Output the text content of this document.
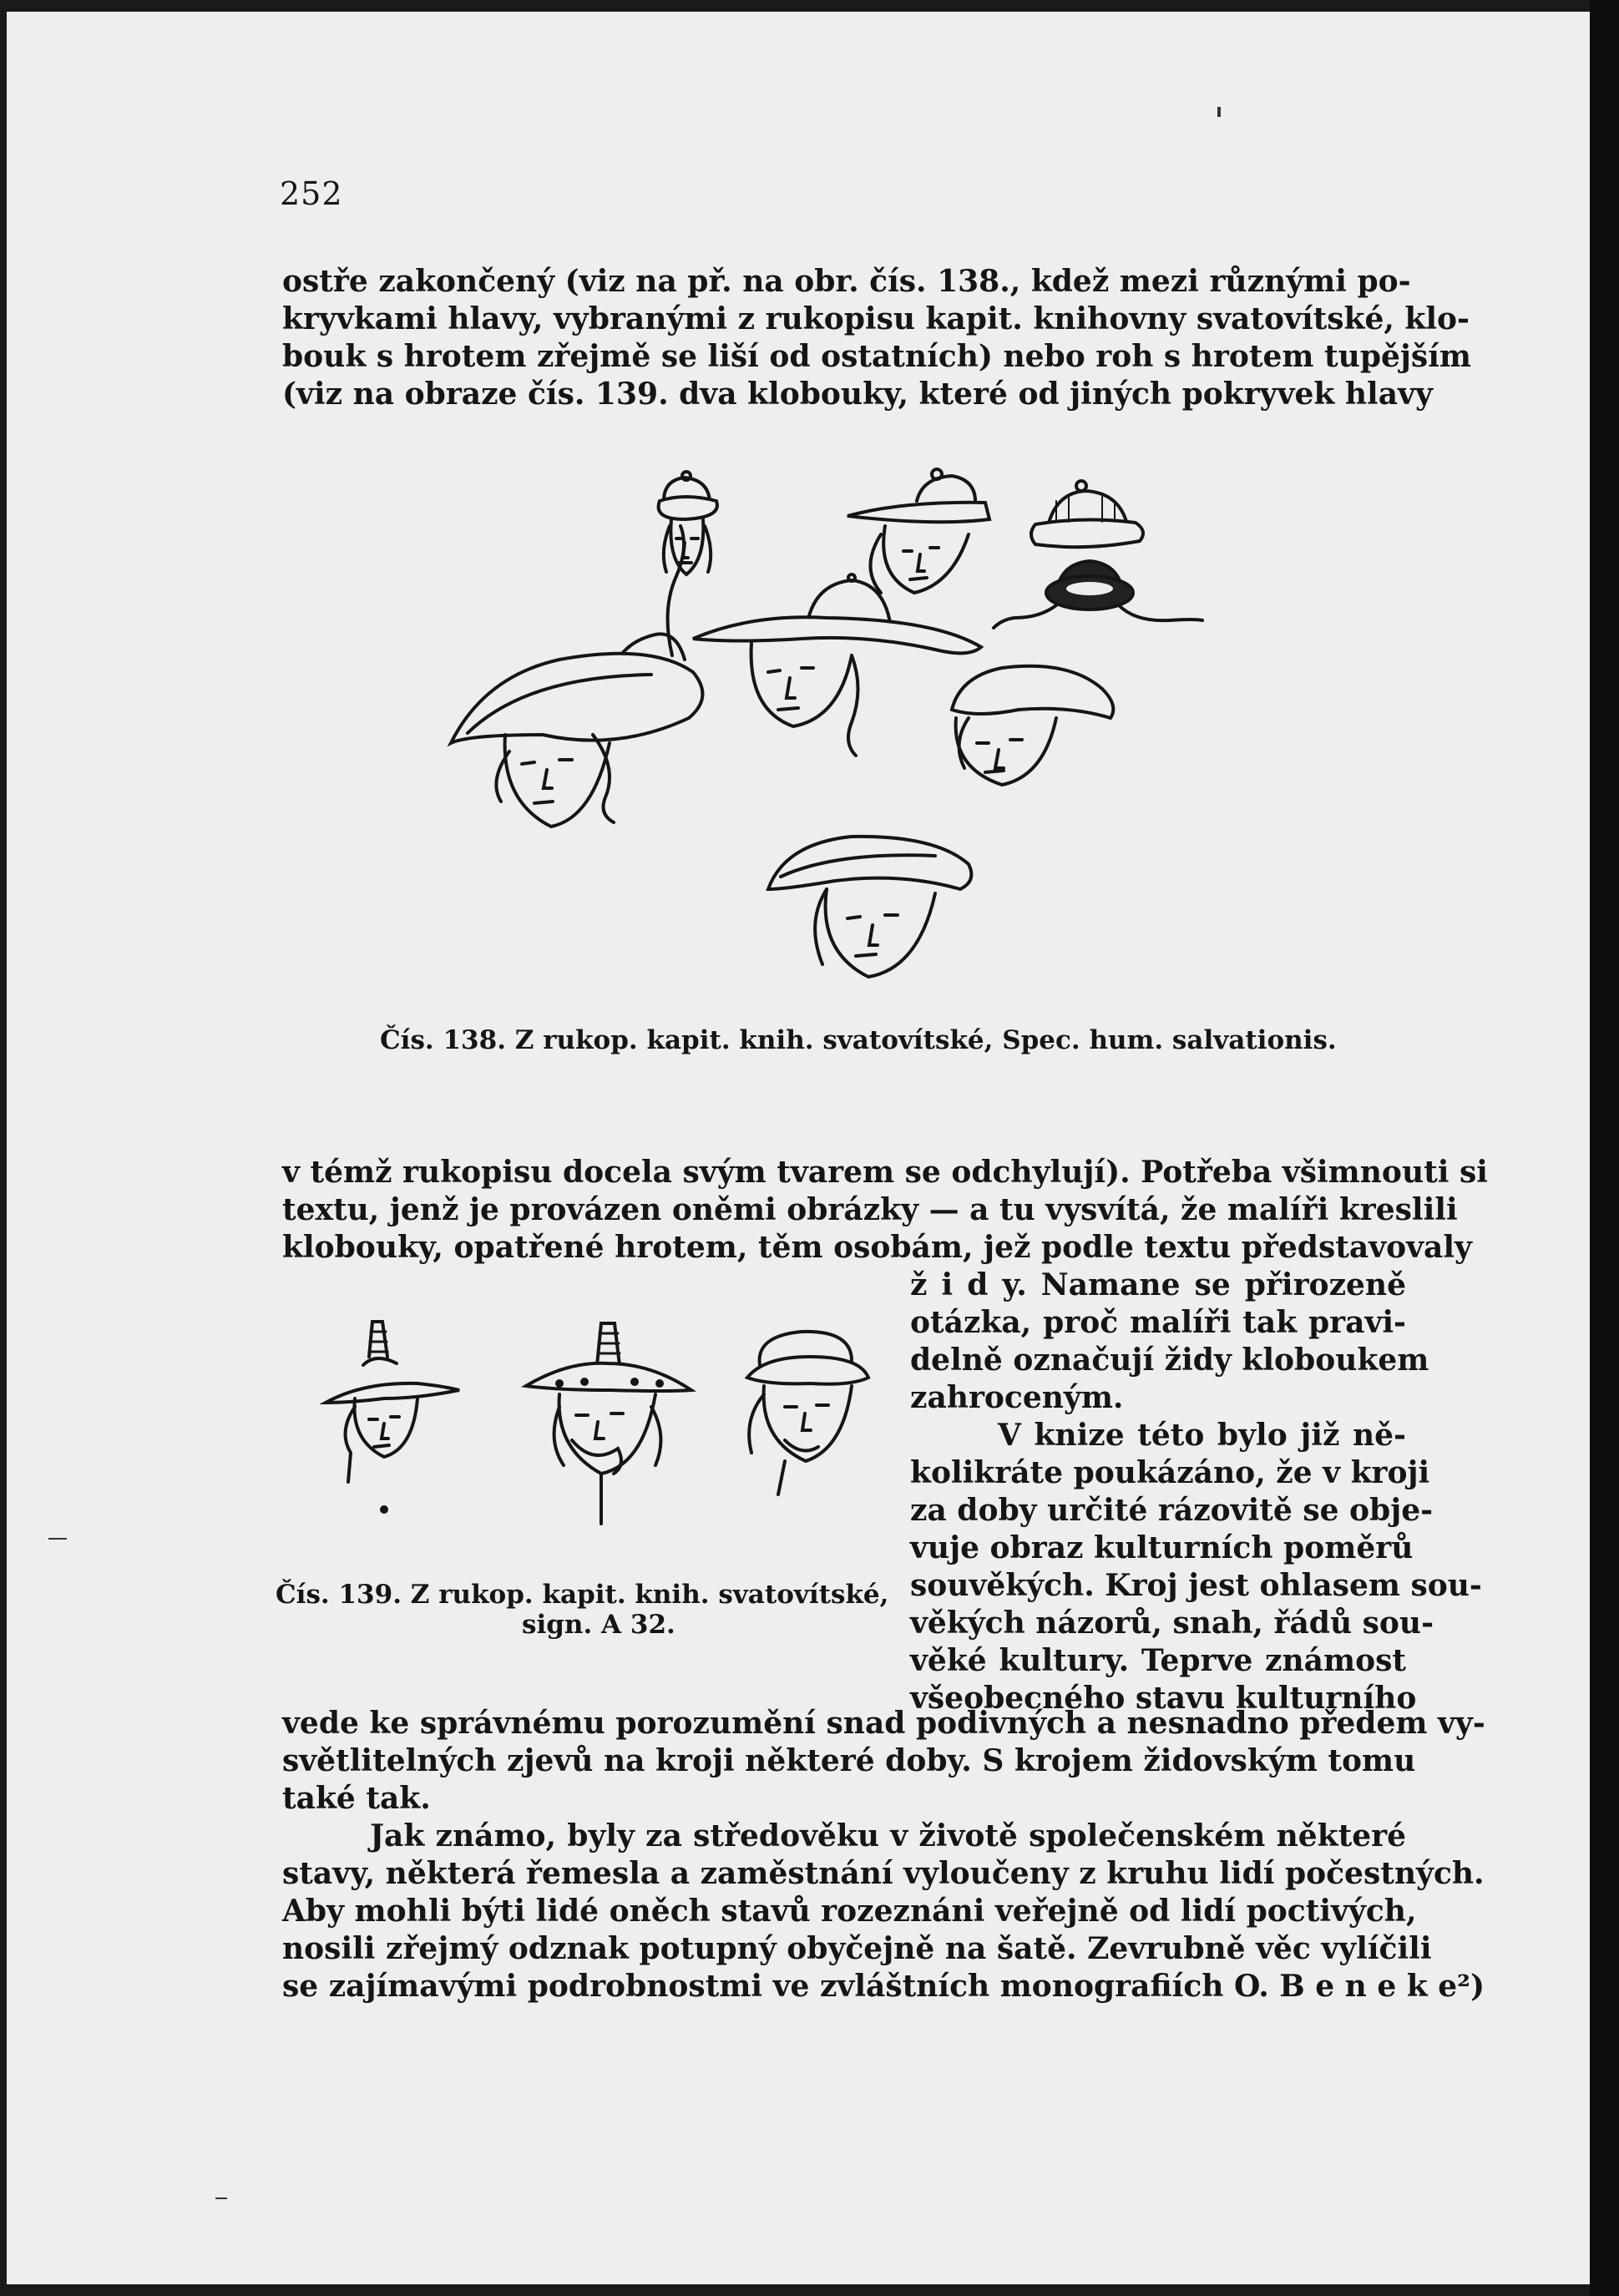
252
ostře zakončený (viz na př. na obr. čís. 138., kdež mezi různými po-
kryvkami hlavy, vybranými z rukopisu kapit. knihovny svatovítské, klo-
bouk s hrotem zřejmě se liší od ostatních) nebo roh s hrotem tupějším
(viz na obraze čís. 139. dva klobouky, které od jiných pokryvek hlavy
Čís. 138. Z rukop. kapit. knih. svatovítské, Spec. hum. salvationis.
v témž rukopisu docela svým tvarem se odchylují). Potřeba všimnouti si
textu, jenž je provázen oněmi obrázky — a tu vysvítá, že malíři kreslili
klobouky, opatřené hrotem, těm osobám, jež podle textu představovaly
ž i d y. Namane se přirozeně
otázka, proč malíři tak pravi-
delně označují židy kloboukem
zahroceným.
V knize této bylo již ně-
kolikráte poukázáno, že v kroji
za doby určité rázovitě se obje-
vuje obraz kulturních poměrů
souvěkých. Kroj jest ohlasem sou-
věkých názorů, snah, řádů sou-
věké kultury. Teprve známost
všeobecného stavu kulturního
Čís. 139. Z rukop. kapit. knih. svatovítské,
sign. A 32.
vede ke správnému porozumění snad podivných a nesnadno předem vy-
světlitelných zjevů na kroji některé doby. S krojem židovským tomu
také tak.
Jak známo, byly za středověku v životě společenském některé
stavy, některá řemesla a zaměstnání vyloučeny z kruhu lidí počestných.
Aby mohli býti lidé oněch stavů rozeznáni veřejně od lidí poctivých,
nosili zřejmý odznak potupný obyčejně na šatě. Zevrubně věc vylíčili
se zajímavými podrobnostmi ve zvláštních monografiích O. B e n e k e²)
